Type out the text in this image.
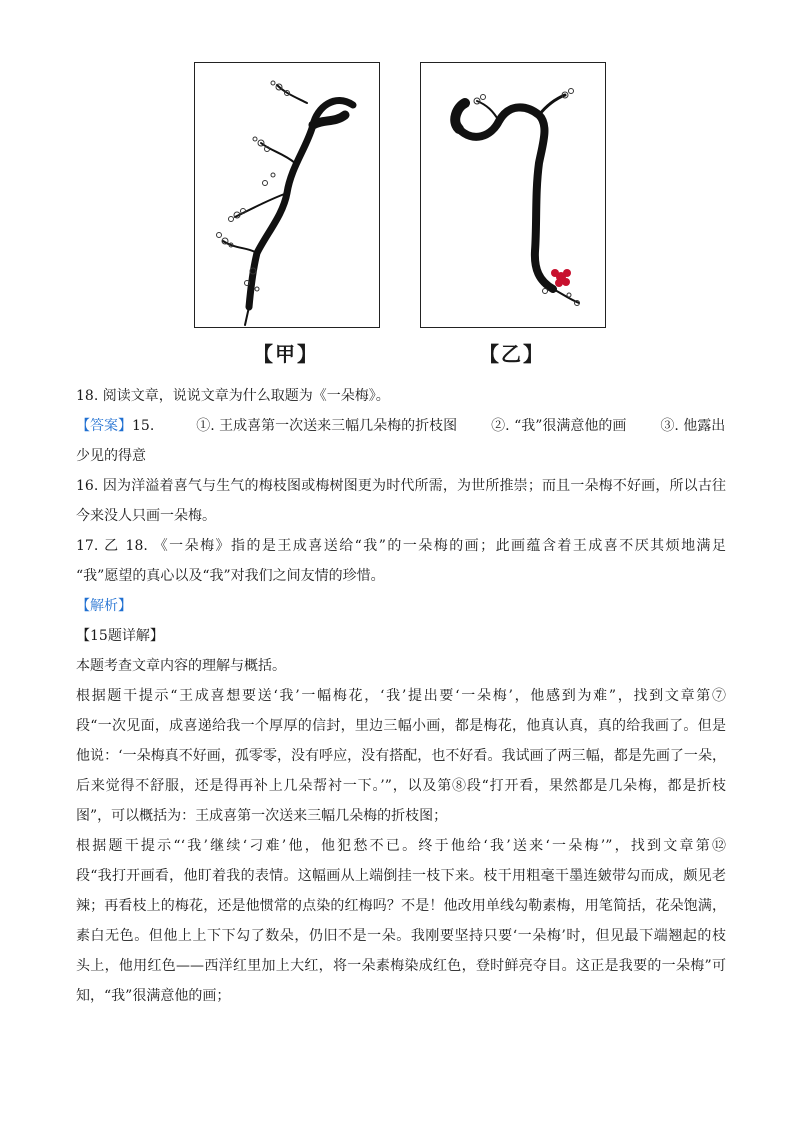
【甲】	【乙】
18. 阅读文章，说说文章为什么取题为《一朵梅》。
【答案】15.	①. 王成喜第一次送来三幅几朵梅的折枝图 ②. “我”很满意他的画 ③. 他露出
少见的得意
16. 因为洋溢着喜气与生气的梅枝图或梅树图更为时代所需，为世所推崇；而且一朵梅不好画，所以古往
今来没人只画一朵梅。
17. 乙 18. 《一朵梅》指的是王成喜送给“我”的一朵梅的画；此画蕴含着王成喜不厌其烦地满足
“我”愿望的真心以及“我”对我们之间友情的珍惜。
【解析】
【15题详解】
本题考查文章内容的理解与概括。
根据题干提示“王成喜想要送‘我’一幅梅花，‘我’提出要‘一朵梅’，他感到为难”，找到文章第⑦
段“一次见面，成喜递给我一个厚厚的信封，里边三幅小画，都是梅花，他真认真，真的给我画了。但是
他说：‘一朵梅真不好画，孤零零，没有呼应，没有搭配，也不好看。我试画了两三幅，都是先画了一朵，
后来觉得不舒服，还是得再补上几朵帮衬一下。’”，以及第⑧段“打开看，果然都是几朵梅，都是折枝
图”，可以概括为：王成喜第一次送来三幅几朵梅的折枝图；
根据题干提示“‘我’继续‘刁难’他，他犯愁不已。终于他给‘我’送来‘一朵梅’”，找到文章第⑫
段“我打开画看，他盯着我的表情。这幅画从上端倒挂一枝下来。枝干用粗毫干墨连皴带勾而成，颇见老
辣；再看枝上的梅花，还是他惯常的点染的红梅吗？不是！他改用单线勾勒素梅，用笔简括，花朵饱满，
素白无色。但他上上下下勾了数朵，仍旧不是一朵。我刚要坚持只要‘一朵梅’时，但见最下端翘起的枝
头上，他用红色——西洋红里加上大红，将一朵素梅染成红色，登时鲜亮夺目。这正是我要的一朵梅”可
知，“我”很满意他的画；
